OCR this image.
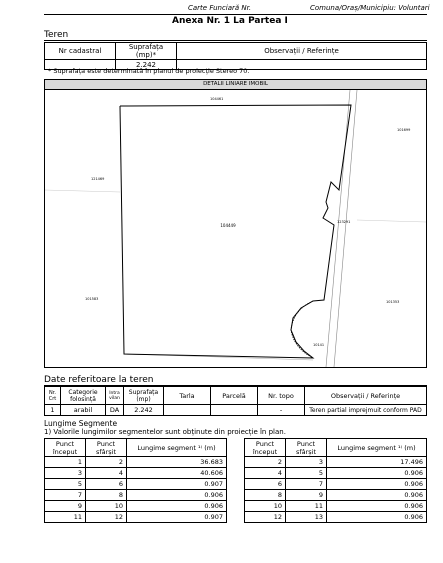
Carte Funciară Nr.	Comuna/Oraș/Municipiu: Voluntari
Anexa Nr. 1 La Partea I
Teren
Nr cadastral	Suprafața (mp)*	Observații / Referințe
	2.242	
* Suprafața este determinată în planul de proiecție Stereo 70.
DETALII LINIARE IMOBIL
104449
104461
121469
101699
123291
10141
101583
101353
Date referitoare la teren
Nr. Crt	Categorie folosință	Intra vilan	Suprafața (mp)	Tarla	Parcelă	Nr. topo	Observații / Referințe
1	arabil	DA	2.242			-	Teren partial imprejmuit conform PAD
Lungime Segmente
1) Valorile lungimilor segmentelor sunt obținute din proiecție în plan.
Punct început	Punct sfârșit	Lungime segment ¹⁾ (m)
1	2	36.683
3	4	40.606
5	6	0.907
7	8	0.906
9	10	0.906
11	12	0.907
Punct început	Punct sfârșit	Lungime segment ¹⁾ (m)
2	3	17.496
4	5	0.906
6	7	0.906
8	9	0.906
10	11	0.906
12	13	0.906
